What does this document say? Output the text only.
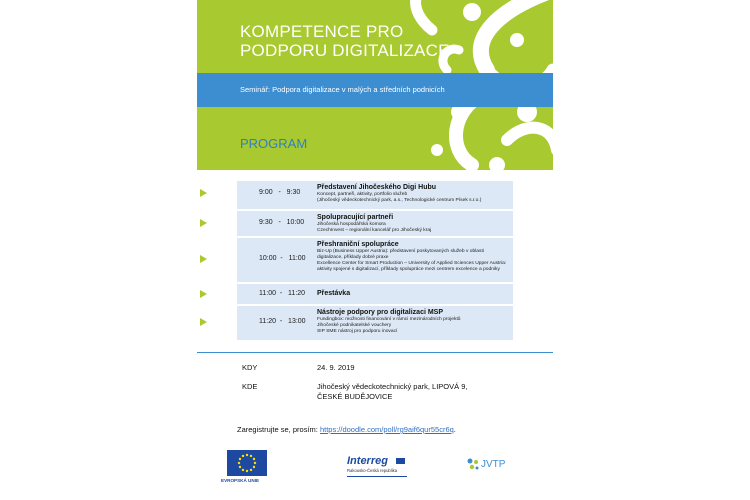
KOMPETENCE PRO
PODPORU DIGITALIZACE
Seminář: Podpora digitalizace v malých a středních podnicích
PROGRAM
9:00   -   9:30
Představení Jihočeského Digi Hubu
Koncept, partneři, aktivity, portfolio služeb
(Jihočeský vědeckotechnický park, a.s., Technologické centrum Písek s.r.o.)
9:30   -   10:00
Spolupracující partneři
Jihočeská hospodářská komora
CzechInvest – regionální kancelář pro Jihočeský kraj
10:00  -   11:00
Přeshraniční spolupráce
Biz-Up (Business Upper Austria): představení poskytovaných služeb v oblasti digitalizace, příklady dobré praxe
Excellence Center for Smart Production – University of Applied Sciences Upper Austria: aktivity spojené s digitalizací, příklady spolupráce mezi centrem excelence a podniky
11:00  -   11:20 Přestávka
11:20  -   13:00
Nástroje podpory pro digitalizaci MSP
Fundingbox: možnosti financování v rámci mezinárodních projektů
Jihočeské podnikatelské vouchery
SIP SME nástroj pro podporu inovací
KDY	24. 9. 2019
KDE	Jihočeský vědeckotechnický park, LIPOVÁ 9,
ČESKÉ BUDĚJOVICE
Zaregistrujte se, prosím: https://doodle.com/poll/rg9aif6qur55cr6q.
EVROPSKÁ UNIE
Interreg
Rakousko-Česká republika
JVTP
